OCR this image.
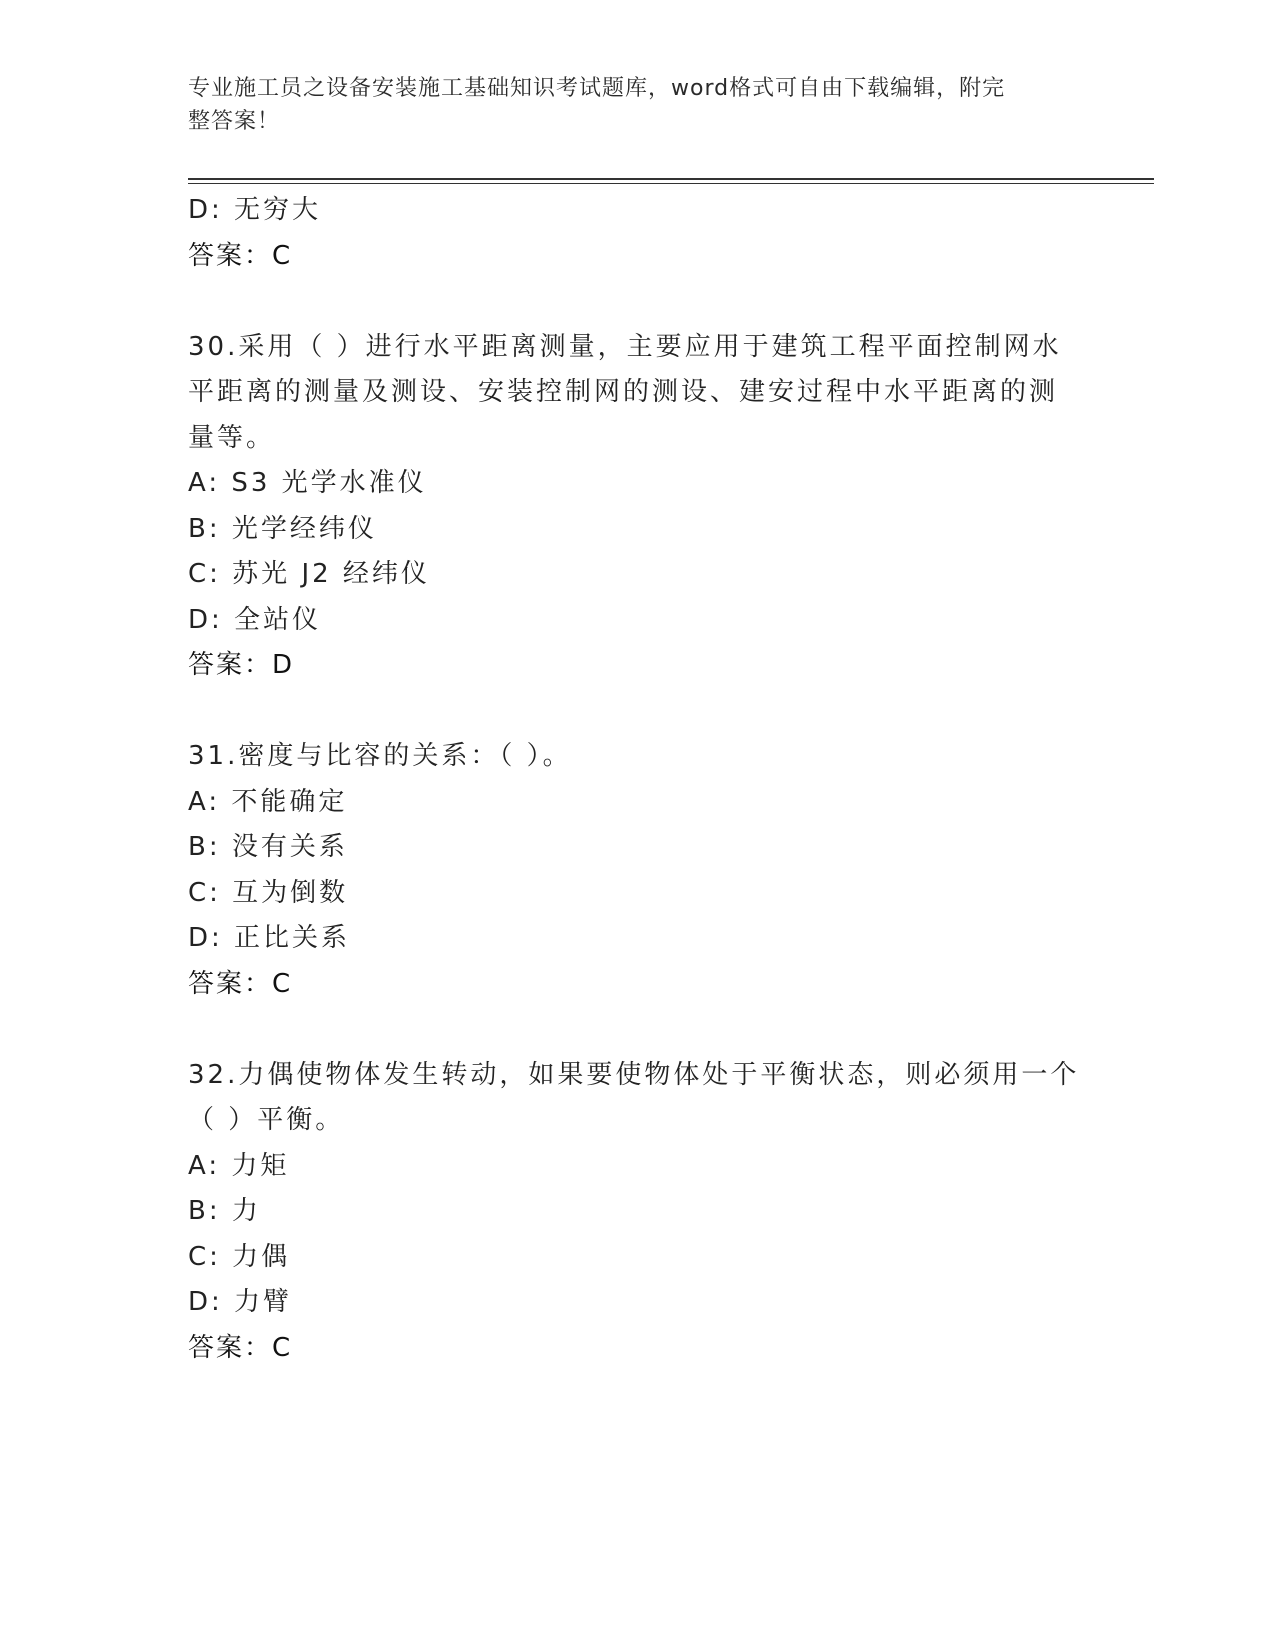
专业施工员之设备安装施工基础知识考试题库，word格式可自由下载编辑，附完
整答案！
D: 无穷大
答案：C
30.采用（ ）进行水平距离测量，主要应用于建筑工程平面控制网水
平距离的测量及测设、安装控制网的测设、建安过程中水平距离的测
量等。
A: S3 光学水准仪
B: 光学经纬仪
C: 苏光 J2 经纬仪
D: 全站仪
答案：D
31.密度与比容的关系：（ ）。
A: 不能确定
B: 没有关系
C: 互为倒数
D: 正比关系
答案：C
32.力偶使物体发生转动，如果要使物体处于平衡状态，则必须用一个
（ ）平衡。
A: 力矩
B: 力
C: 力偶
D: 力臂
答案：C
